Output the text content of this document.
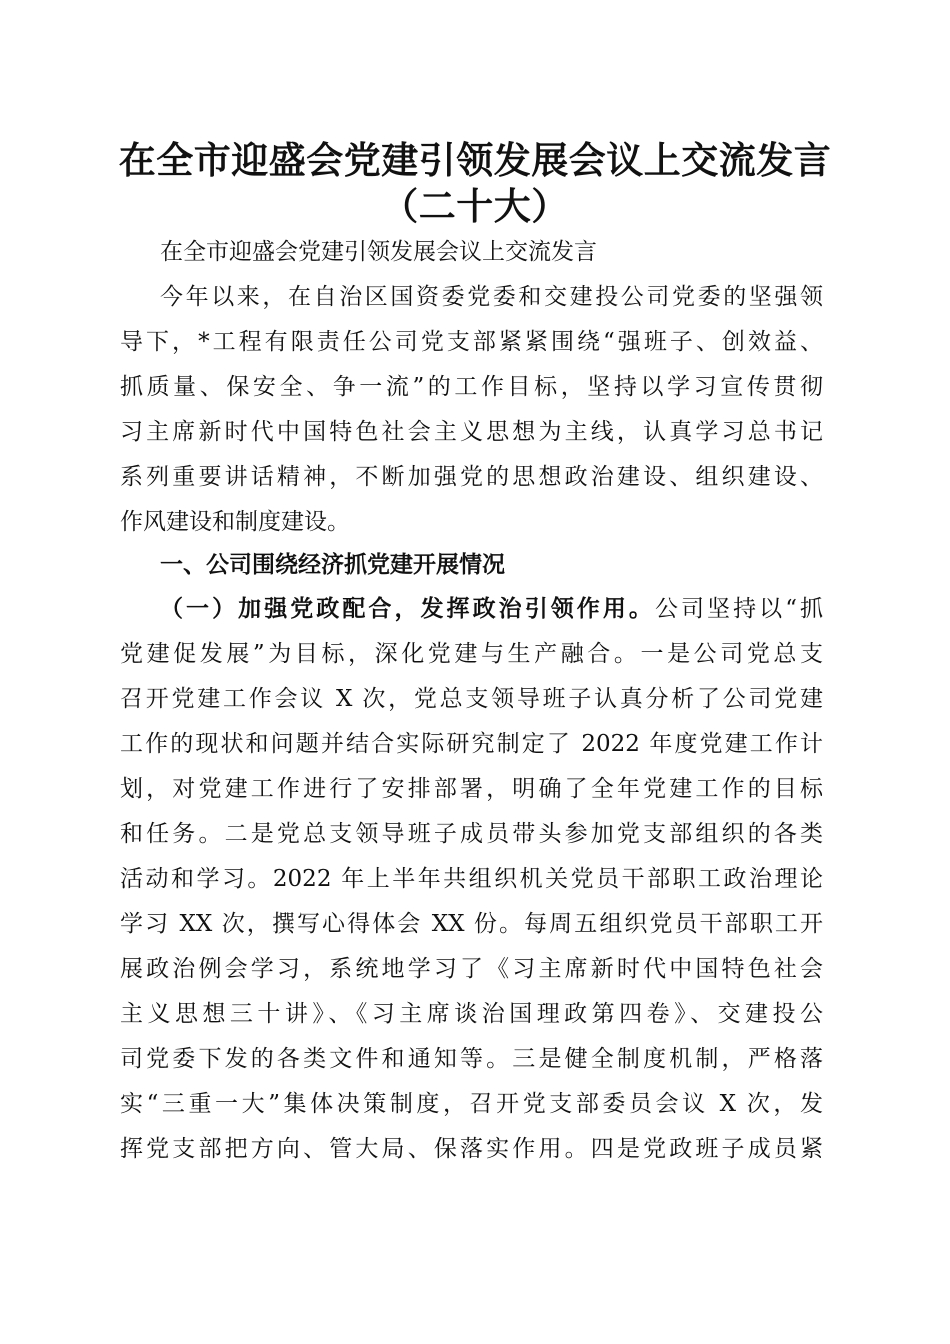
在全市迎盛会党建引领发展会议上交流发言
（二十大）
在全市迎盛会党建引领发展会议上交流发言
今年以来，在自治区国资委党委和交建投公司党委的坚强领
导下，*工程有限责任公司党支部紧紧围绕“强班子、创效益、
抓质量、保安全、争一流”的工作目标，坚持以学习宣传贯彻
习主席新时代中国特色社会主义思想为主线，认真学习总书记
系列重要讲话精神，不断加强党的思想政治建设、组织建设、
作风建设和制度建设。
一、公司围绕经济抓党建开展情况
（一）加强党政配合，发挥政治引领作用。公司坚持以“抓
党建促发展”为目标，深化党建与生产融合。一是公司党总支
召开党建工作会议 X 次，党总支领导班子认真分析了公司党建
工作的现状和问题并结合实际研究制定了 2022 年度党建工作计
划，对党建工作进行了安排部署，明确了全年党建工作的目标
和任务。二是党总支领导班子成员带头参加党支部组织的各类
活动和学习。2022 年上半年共组织机关党员干部职工政治理论
学习 XX 次，撰写心得体会 XX 份。每周五组织党员干部职工开
展政治例会学习，系统地学习了《习主席新时代中国特色社会
主义思想三十讲》、《习主席谈治国理政第四卷》、交建投公
司党委下发的各类文件和通知等。三是健全制度机制，严格落
实“三重一大”集体决策制度，召开党支部委员会议 X 次，发
挥党支部把方向、管大局、保落实作用。四是党政班子成员紧
